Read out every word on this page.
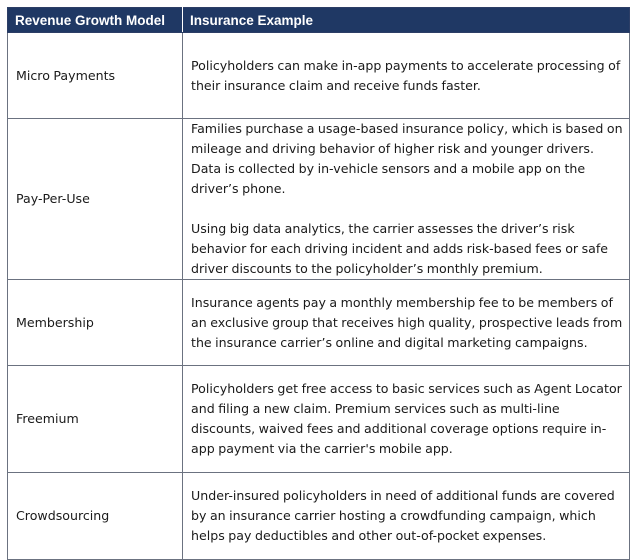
Revenue Growth Model	Insurance Example
Micro Payments	Policyholders can make in-app payments to accelerate processing of their insurance claim and receive funds faster.

Pay-Per-Use	Families purchase a usage-based insurance policy, which is based on mileage and driving behavior of higher risk and younger drivers. Data is collected by in-vehicle sensors and a mobile app on the driver’s phone.
Using big data analytics, the carrier assesses the driver’s risk behavior for each driving incident and adds risk-based fees or safe driver discounts to the policyholder’s monthly premium.

Membership	Insurance agents pay a monthly membership fee to be members of an exclusive group that receives high quality, prospective leads from the insurance carrier’s online and digital marketing campaigns.

Freemium	Policyholders get free access to basic services such as Agent Locator and filing a new claim. Premium services such as multi-line discounts, waived fees and additional coverage options require in-app payment via the carrier's mobile app.

Crowdsourcing	Under-insured policyholders in need of additional funds are covered by an insurance carrier hosting a crowdfunding campaign, which helps pay deductibles and other out-of-pocket expenses.
